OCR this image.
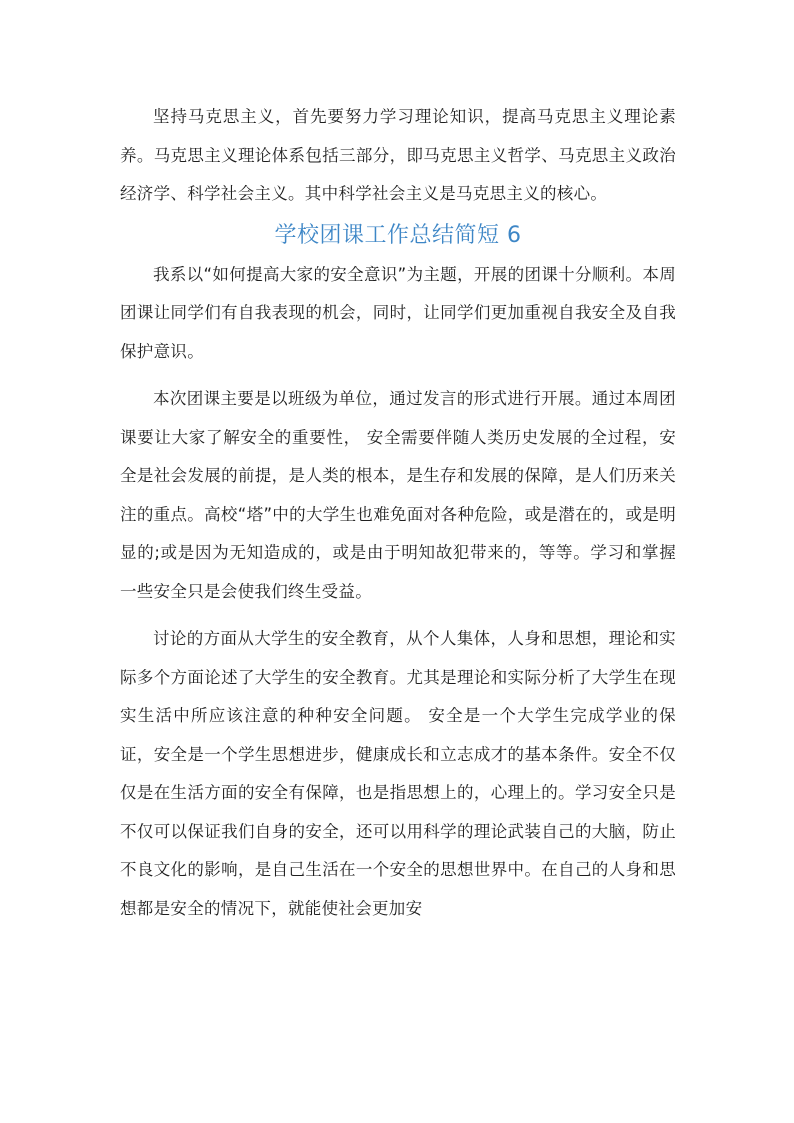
坚持马克思主义，首先要努力学习理论知识，提高马克思主义理论素养。马克思主义理论体系包括三部分，即马克思主义哲学、马克思主义政治经济学、科学社会主义。其中科学社会主义是马克思主义的核心。

学校团课工作总结简短 6

我系以“如何提高大家的安全意识”为主题，开展的团课十分顺利。本周团课让同学们有自我表现的机会，同时，让同学们更加重视自我安全及自我保护意识。

本次团课主要是以班级为单位，通过发言的形式进行开展。通过本周团课要让大家了解安全的重要性， 安全需要伴随人类历史发展的全过程，安全是社会发展的前提，是人类的根本，是生存和发展的保障，是人们历来关注的重点。高校“塔”中的大学生也难免面对各种危险，或是潜在的，或是明显的;或是因为无知造成的，或是由于明知故犯带来的，等等。学习和掌握一些安全只是会使我们终生受益。

讨论的方面从大学生的安全教育，从个人集体，人身和思想，理论和实际多个方面论述了大学生的安全教育。尤其是理论和实际分析了大学生在现实生活中所应该注意的种种安全问题。 安全是一个大学生完成学业的保证，安全是一个学生思想进步，健康成长和立志成才的基本条件。安全不仅仅是在生活方面的安全有保障，也是指思想上的，心理上的。学习安全只是不仅可以保证我们自身的安全，还可以用科学的理论武装自己的大脑，防止不良文化的影响，是自己生活在一个安全的思想世界中。在自己的人身和思想都是安全的情况下，就能使社会更加安
